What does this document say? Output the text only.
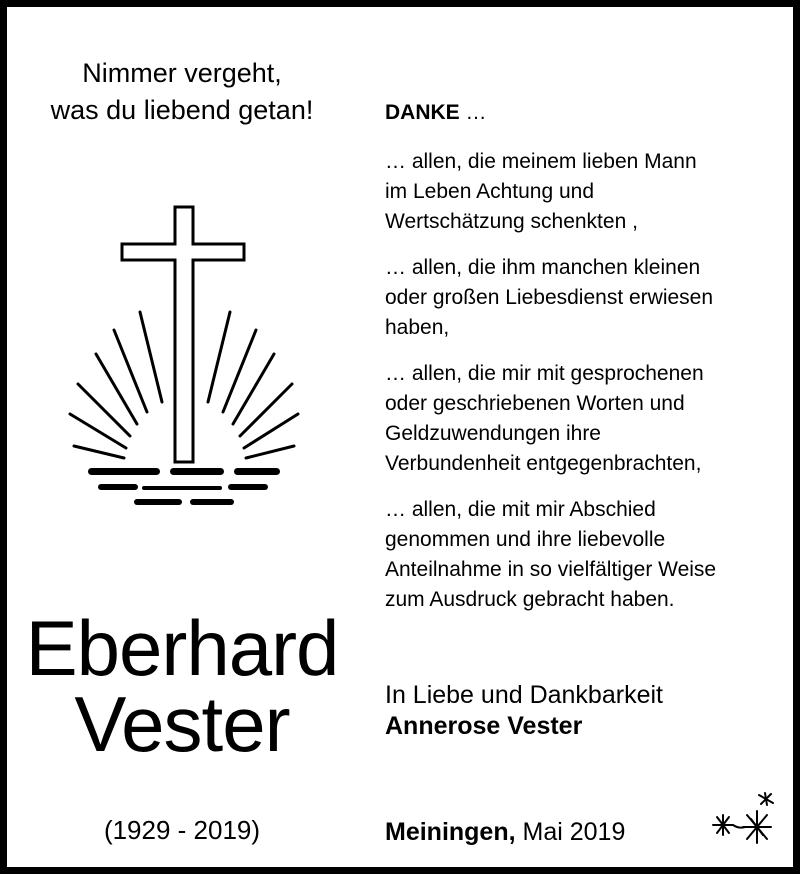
Nimmer vergeht,
was du liebend getan!
Eberhard
Vester
(1929 - 2019)
DANKE …
… allen, die meinem lieben Mann
im Leben Achtung und
Wertschätzung schenkten ,
… allen, die ihm manchen kleinen
oder großen Liebesdienst erwiesen
haben,
… allen, die mir mit gesprochenen
oder geschriebenen Worten und
Geldzuwendungen ihre
Verbundenheit entgegenbrachten,
… allen, die mit mir Abschied
genommen und ihre liebevolle
Anteilnahme in so vielfältiger Weise
zum Ausdruck gebracht haben.
In Liebe und Dankbarkeit
Annerose Vester
Meiningen, Mai 2019
